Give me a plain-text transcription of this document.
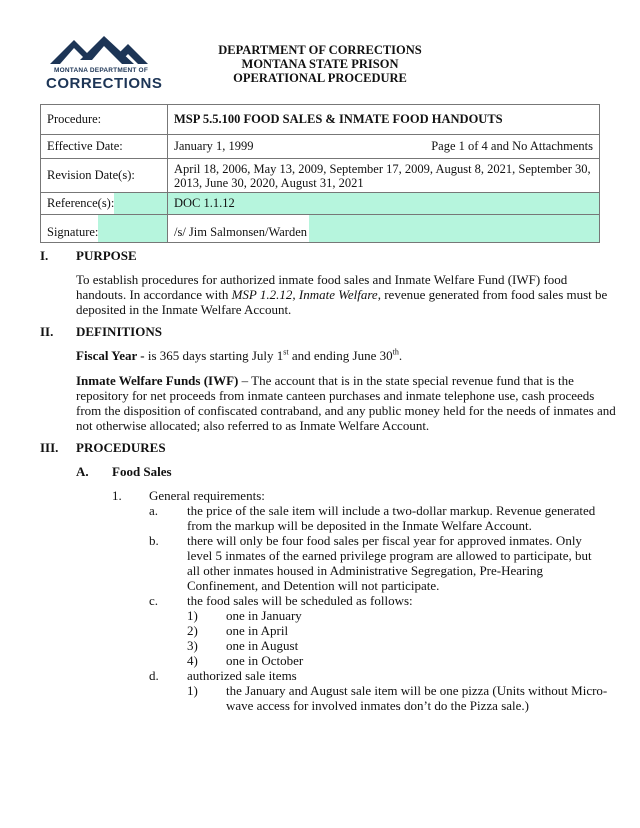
MONTANA DEPARTMENT OF
CORRECTIONS
DEPARTMENT OF CORRECTIONS
MONTANA STATE PRISON
OPERATIONAL PROCEDURE
Procedure:	MSP 5.5.100 FOOD SALES & INMATE FOOD HANDOUTS
Effective Date:	January 1, 1999 Page 1 of 4 and No Attachments

Revision Date(s):	April 18, 2006, May 13, 2009, September 17, 2009, August 8, 2021, September 30, 2013, June 30, 2020, August 31, 2021

Reference(s):	DOC 1.1.12

Signature:	/s/ Jim Salmonsen/Warden
I. PURPOSE
To establish procedures for authorized inmate food sales and Inmate Welfare Fund (IWF) food
handouts. In accordance with MSP 1.2.12, Inmate Welfare, revenue generated from food sales must be
deposited in the Inmate Welfare Account.
II. DEFINITIONS
Fiscal Year - is 365 days starting July 1st and ending June 30th.
Inmate Welfare Funds (IWF) – The account that is in the state special revenue fund that is the
repository for net proceeds from inmate canteen purchases and inmate telephone use, cash proceeds
from the disposition of confiscated contraband, and any public money held for the needs of inmates and
not otherwise allocated; also referred to as Inmate Welfare Account.
III. PROCEDURES
A. Food Sales
1. General requirements:
a. the price of the sale item will include a two-dollar markup. Revenue generated
from the markup will be deposited in the Inmate Welfare Account.
b. there will only be four food sales per fiscal year for approved inmates. Only
level 5 inmates of the earned privilege program are allowed to participate, but
all other inmates housed in Administrative Segregation, Pre-Hearing
Confinement, and Detention will not participate.
c. the food sales will be scheduled as follows:
1) one in January
2) one in April
3) one in August
4) one in October
d. authorized sale items
1) the January and August sale item will be one pizza (Units without Micro-
wave access for involved inmates don’t do the Pizza sale.)
